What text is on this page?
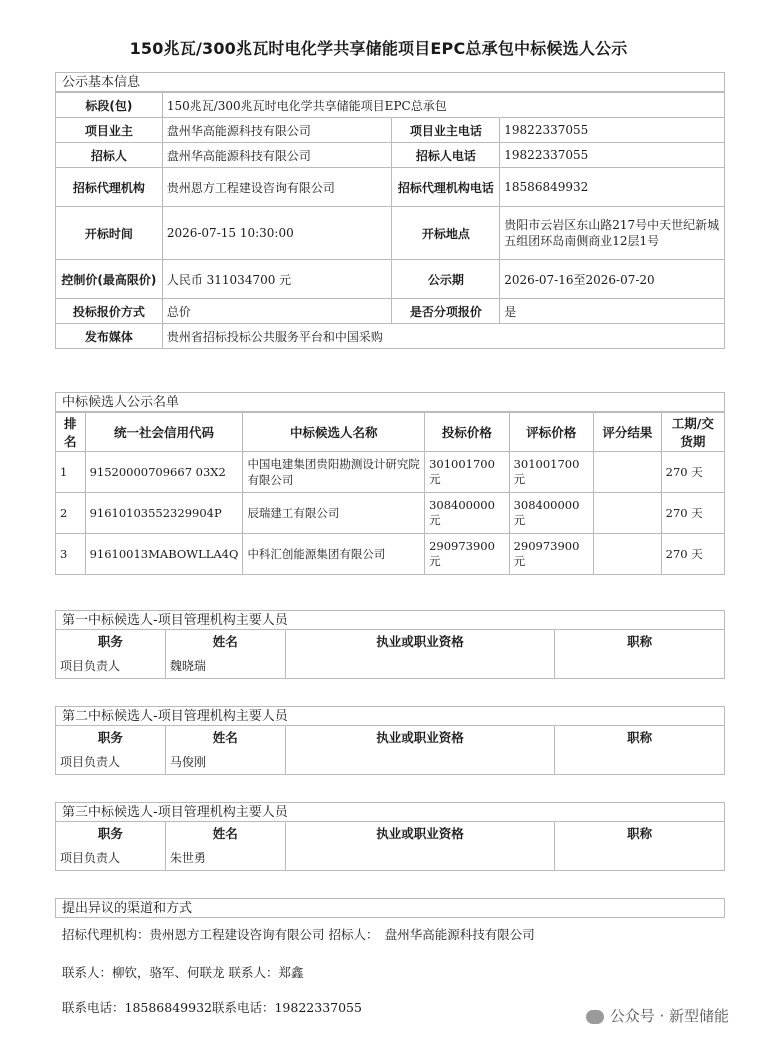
150兆瓦/300兆瓦时电化学共享储能项目EPC总承包中标候选人公示
公示基本信息
标段(包)	150兆瓦/300兆瓦时电化学共享储能项目EPC总承包		
项目业主	盘州华高能源科技有限公司	项目业主电话	19822337055
招标人	盘州华高能源科技有限公司	招标人电话	19822337055
招标代理机构	贵州恩方工程建设咨询有限公司	招标代理机构电话	18586849932
开标时间	2026-07-15 10:30:00	开标地点	贵阳市云岩区东山路217号中天世纪新城五组团环岛南侧商业12层1号
控制价(最高限价)	人民币 311034700 元	公示期	2026-07-16至2026-07-20
投标报价方式	总价	是否分项报价	是
发布媒体	贵州省招标投标公共服务平台和中国采购		
中标候选人公示名单
排名	统一社会信用代码	中标候选人名称	投标价格	评标价格	评分结果	工期/交货期
1	91520000709667 03X2	中国电建集团贵阳勘测设计研究院有限公司	301001700元	301001700元		270 天
2	91610103552329904P	辰瑞建工有限公司	308400000元	308400000元		270 天
3	91610013MABOWLLA4Q	中科汇创能源集团有限公司	290973900元	290973900元		270 天
第一中标候选人-项目管理机构主要人员
职务	姓名	执业或职业资格	职称
项目负责人	魏晓瑞		
第二中标候选人-项目管理机构主要人员
职务	姓名	执业或职业资格	职称
项目负责人	马俊刚		
第三中标候选人-项目管理机构主要人员
职务	姓名	执业或职业资格	职称
项目负责人	朱世勇		
提出异议的渠道和方式
招标代理机构：贵州恩方工程建设咨询有限公司 招标人：　盘州华高能源科技有限公司
联系人：柳钦，骆军、何联龙 联系人：郑鑫
联系电话：18586849932联系电话：19822337055	公众号 · 新型储能
